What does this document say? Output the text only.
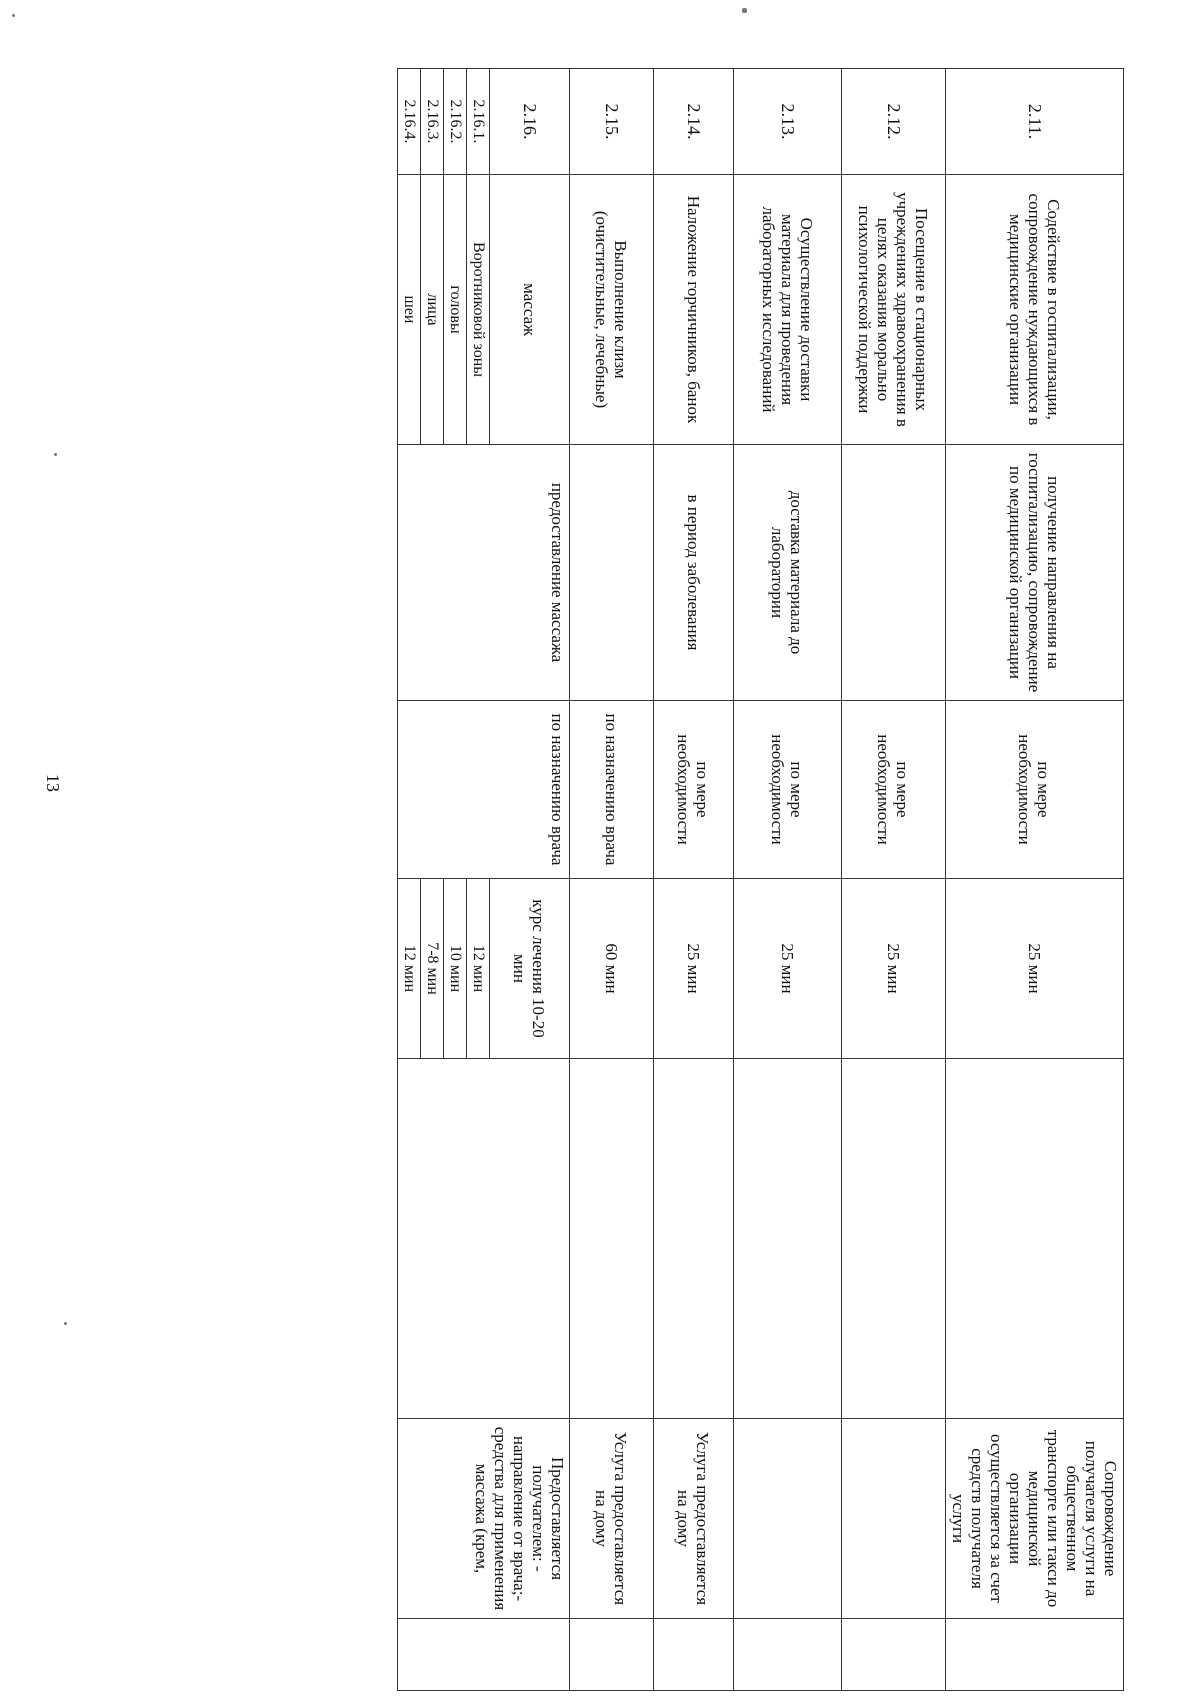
2.11.	Содействие в госпитализации, сопровождение нуждающихся в медицинские организации	получение направления на госпитализацию, сопровождение по медицинской организации	по мере необходимости	25 мин		Сопровождение получателя услуги на общественном транспорте или такси до медицинской организации осуществляется за счет средств получателя услуги	
2.12.	Посещение в стационарных учреждениях здравоохранения в целях оказания морально психологической поддержки		по мере необходимости	25 мин			
2.13.	Осуществление доставки материала для проведения лабораторных исследований	доставка материала до лаборатории	по мере необходимости	25 мин			
2.14.	Наложение горчичников, банок	в период заболевания	по мере необходимости	25 мин		Услуга предоставляется на дому	
2.15.	Выполнение клизм (очистительные, лечебные)		по назначению врача	60 мин		Услуга предоставляется на дому	
2.16.	массаж	предоставление массажа	по назначению врача	курс лечения 10-20 мин		Предоставляется получателем: - направление от врача;-средства для применения массажа (крем,	
2.16.1.	Воротниковой зоны			12 мин			
2.16.2.	головы			10 мин			
2.16.3.	лица			7-8 мин			
2.16.4.	шеи			12 мин			

13
